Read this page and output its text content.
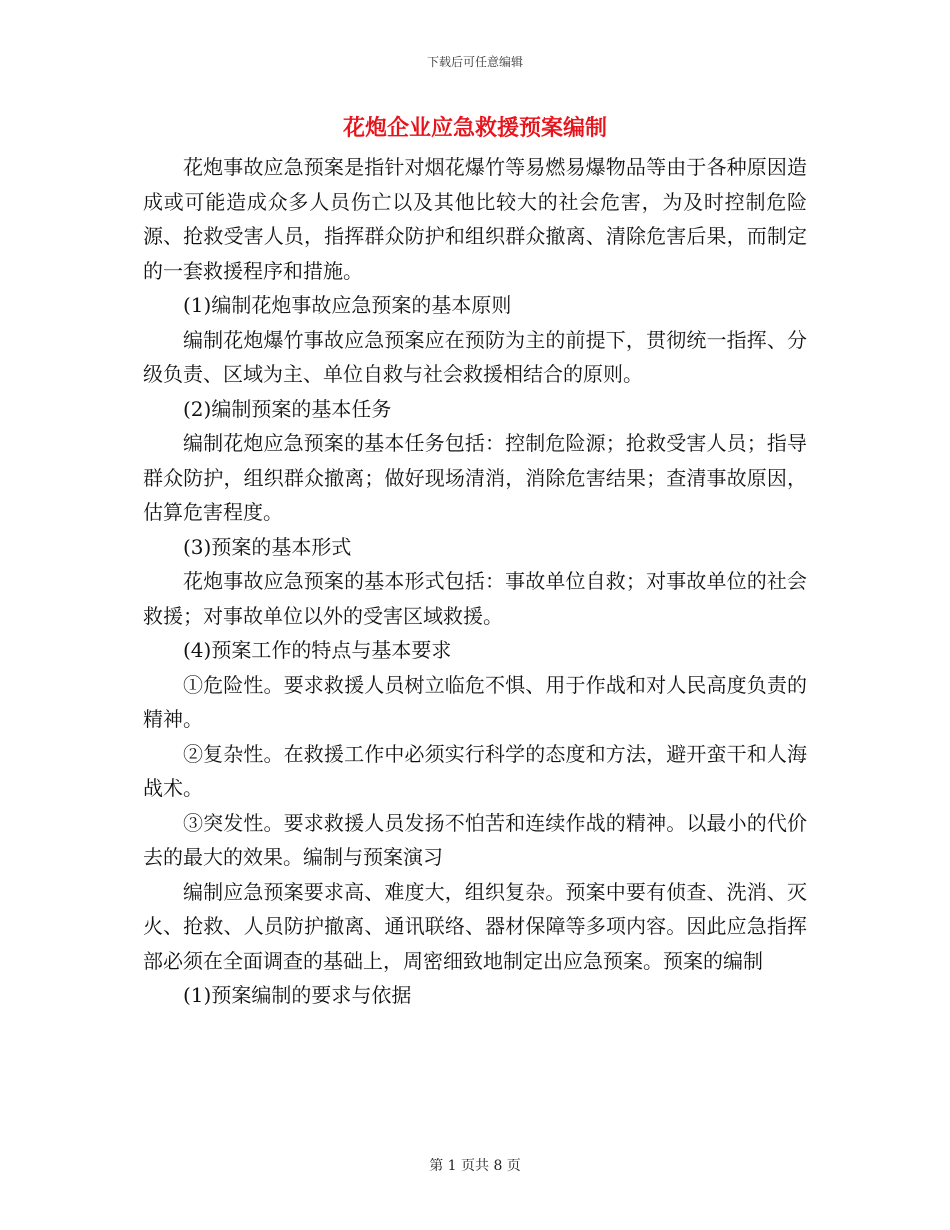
下载后可任意编辑
花炮企业应急救援预案编制

花炮事故应急预案是指针对烟花爆竹等易燃易爆物品等由于各种原因造成或可能造成众多人员伤亡以及其他比较大的社会危害，为及时控制危险源、抢救受害人员，指挥群众防护和组织群众撤离、清除危害后果，而制定的一套救援程序和措施。

(1)编制花炮事故应急预案的基本原则

编制花炮爆竹事故应急预案应在预防为主的前提下，贯彻统一指挥、分级负责、区域为主、单位自救与社会救援相结合的原则。

(2)编制预案的基本任务

编制花炮应急预案的基本任务包括：控制危险源；抢救受害人员；指导群众防护，组织群众撤离；做好现场清消，消除危害结果；查清事故原因，估算危害程度。

(3)预案的基本形式

花炮事故应急预案的基本形式包括：事故单位自救；对事故单位的社会救援；对事故单位以外的受害区域救援。

(4)预案工作的特点与基本要求

①危险性。要求救援人员树立临危不惧、用于作战和对人民高度负责的精神。

②复杂性。在救援工作中必须实行科学的态度和方法，避开蛮干和人海战术。

③突发性。要求救援人员发扬不怕苦和连续作战的精神。以最小的代价去的最大的效果。编制与预案演习

编制应急预案要求高、难度大，组织复杂。预案中要有侦查、洗消、灭火、抢救、人员防护撤离、通讯联络、器材保障等多项内容。因此应急指挥部必须在全面调查的基础上，周密细致地制定出应急预案。预案的编制

(1)预案编制的要求与依据

第 1 页共 8 页
